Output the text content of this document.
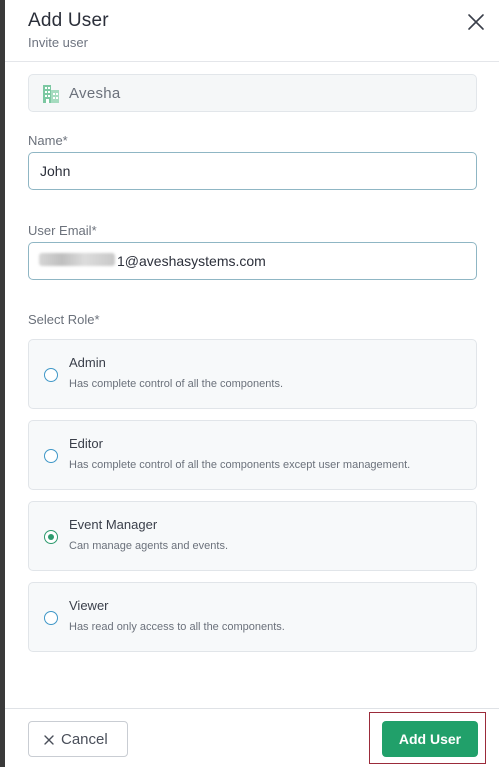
Add User
Invite user
Avesha
Name*
John
User Email*
1@aveshasystems.com
Select Role*
Admin
Has complete control of all the components.
Editor
Has complete control of all the components except user management.
Event Manager
Can manage agents and events.
Viewer
Has read only access to all the components.
Cancel	Add User
